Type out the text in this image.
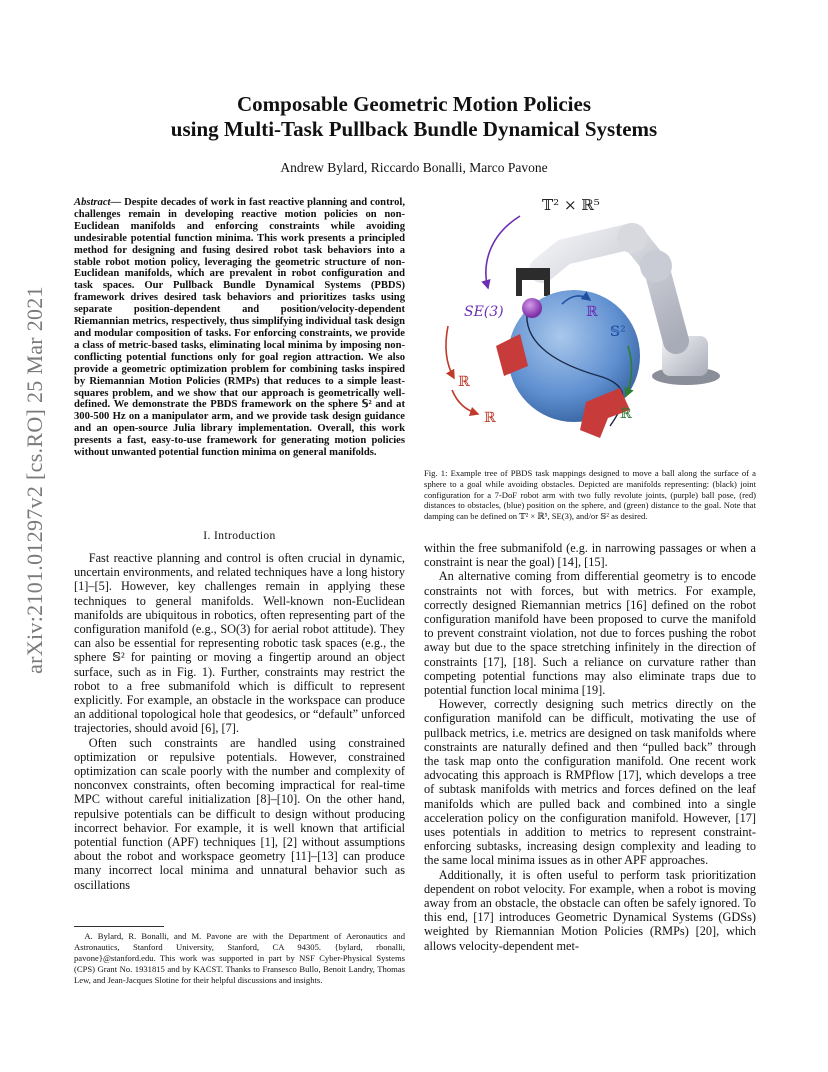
Composable Geometric Motion Policies
using Multi-Task Pullback Bundle Dynamical Systems
Andrew Bylard, Riccardo Bonalli, Marco Pavone
arXiv:2101.01297v2 [cs.RO] 25 Mar 2021
Abstract— Despite decades of work in fast reactive planning and control, challenges remain in developing reactive motion policies on non-Euclidean manifolds and enforcing constraints while avoiding undesirable potential function minima. This work presents a principled method for designing and fusing desired robot task behaviors into a stable robot motion policy, leveraging the geometric structure of non-Euclidean manifolds, which are prevalent in robot configuration and task spaces. Our Pullback Bundle Dynamical Systems (PBDS) framework drives desired task behaviors and prioritizes tasks using separate position-dependent and position/velocity-dependent Riemannian metrics, respectively, thus simplifying individual task design and modular composition of tasks. For enforcing constraints, we provide a class of metric-based tasks, eliminating local minima by imposing non-conflicting potential functions only for goal region attraction. We also provide a geometric optimization problem for combining tasks inspired by Riemannian Motion Policies (RMPs) that reduces to a simple least-squares problem, and we show that our approach is geometrically well-defined. We demonstrate the PBDS framework on the sphere 𝕊² and at 300-500 Hz on a manipulator arm, and we provide task design guidance and an open-source Julia library implementation. Overall, this work presents a fast, easy-to-use framework for generating motion policies without unwanted potential function minima on general manifolds.
I. Introduction

Fast reactive planning and control is often crucial in dynamic, uncertain environments, and related techniques have a long history [1]–[5]. However, key challenges remain in applying these techniques to general manifolds. Well-known non-Euclidean manifolds are ubiquitous in robotics, often representing part of the configuration manifold (e.g., SO(3) for aerial robot attitude). They can also be essential for representing robotic task spaces (e.g., the sphere 𝕊² for painting or moving a fingertip around an object surface, such as in Fig. 1). Further, constraints may restrict the robot to a free submanifold which is difficult to represent explicitly. For example, an obstacle in the workspace can produce an additional topological hole that geodesics, or “default” unforced trajectories, should avoid [6], [7].

Often such constraints are handled using constrained optimization or repulsive potentials. However, constrained optimization can scale poorly with the number and complexity of nonconvex constraints, often becoming impractical for real-time MPC without careful initialization [8]–[10]. On the other hand, repulsive potentials can be difficult to design without producing incorrect behavior. For example, it is well known that artificial potential function (APF) techniques [1], [2] without assumptions about the robot and workspace geometry [11]–[13] can produce many incorrect local minima and unnatural behavior such as oscillations

A. Bylard, R. Bonalli, and M. Pavone are with the Department of Aeronautics and Astronautics, Stanford University, Stanford, CA 94305. {bylard, rbonalli, pavone}@stanford.edu. This work was supported in part by NSF Cyber-Physical Systems (CPS) Grant No. 1931815 and by KACST. Thanks to Fransesco Bullo, Benoit Landry, Thomas Lew, and Jean-Jacques Slotine for their helpful discussions and insights.

𝕋² × ℝ⁵
SE(3)	ℝ
𝕊²
ℝ
ℝ	ℝ
Fig. 1: Example tree of PBDS task mappings designed to move a ball along the surface of a sphere to a goal while avoiding obstacles. Depicted are manifolds representing: (black) joint configuration for a 7-DoF robot arm with two fully revolute joints, (purple) ball pose, (red) distances to obstacles, (blue) position on the sphere, and (green) distance to the goal. Note that damping can be defined on 𝕋² × ℝ⁵, SE(3), and/or 𝕊² as desired.

within the free submanifold (e.g. in narrowing passages or when a constraint is near the goal) [14], [15].

An alternative coming from differential geometry is to encode constraints not with forces, but with metrics. For example, correctly designed Riemannian metrics [16] defined on the robot configuration manifold have been proposed to curve the manifold to prevent constraint violation, not due to forces pushing the robot away but due to the space stretching infinitely in the direction of constraints [17], [18]. Such a reliance on curvature rather than competing potential functions may also eliminate traps due to potential function local minima [19].

However, correctly designing such metrics directly on the configuration manifold can be difficult, motivating the use of pullback metrics, i.e. metrics are designed on task manifolds where constraints are naturally defined and then “pulled back” through the task map onto the configuration manifold. One recent work advocating this approach is RMPflow [17], which develops a tree of subtask manifolds with metrics and forces defined on the leaf manifolds which are pulled back and combined into a single acceleration policy on the configuration manifold. However, [17] uses potentials in addition to metrics to represent constraint-enforcing subtasks, increasing design complexity and leading to the same local minima issues as in other APF approaches.

Additionally, it is often useful to perform task prioritization dependent on robot velocity. For example, when a robot is moving away from an obstacle, the obstacle can often be safely ignored. To this end, [17] introduces Geometric Dynamical Systems (GDSs) weighted by Riemannian Motion Policies (RMPs) [20], which allows velocity-dependent met-
